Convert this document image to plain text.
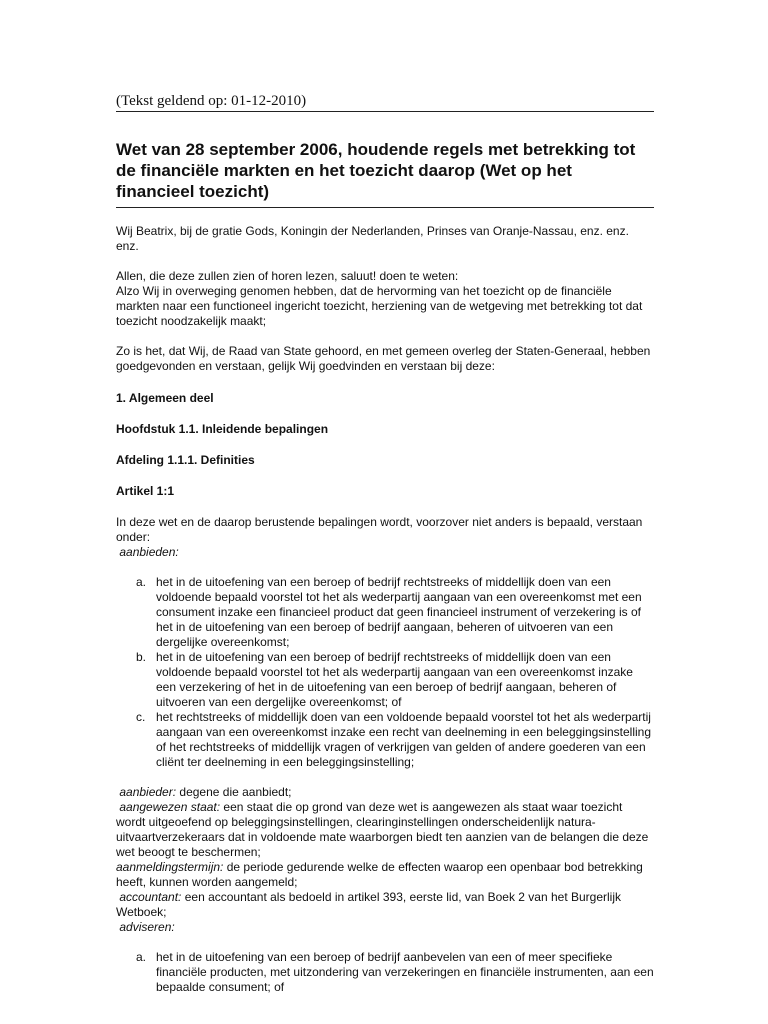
(Tekst geldend op: 01-12-2010)
Wet van 28 september 2006, houdende regels met betrekking tot de financiële markten en het toezicht daarop (Wet op het financieel toezicht)

Wij Beatrix, bij de gratie Gods, Koningin der Nederlanden, Prinses van Oranje-Nassau, enz. enz. enz.

Allen, die deze zullen zien of horen lezen, saluut! doen te weten:

Alzo Wij in overweging genomen hebben, dat de hervorming van het toezicht op de financiële markten naar een functioneel ingericht toezicht, herziening van de wetgeving met betrekking tot dat toezicht noodzakelijk maakt;

Zo is het, dat Wij, de Raad van State gehoord, en met gemeen overleg der Staten-Generaal, hebben goedgevonden en verstaan, gelijk Wij goedvinden en verstaan bij deze:

1. Algemeen deel

Hoofdstuk 1.1. Inleidende bepalingen

Afdeling 1.1.1. Definities

Artikel 1:1

In deze wet en de daarop berustende bepalingen wordt, voorzover niet anders is bepaald, verstaan onder:

aanbieden:

a. het in de uitoefening van een beroep of bedrijf rechtstreeks of middellijk doen van een voldoende bepaald voorstel tot het als wederpartij aangaan van een overeenkomst met een consument inzake een financieel product dat geen financieel instrument of verzekering is of het in de uitoefening van een beroep of bedrijf aangaan, beheren of uitvoeren van een dergelijke overeenkomst;
b. het in de uitoefening van een beroep of bedrijf rechtstreeks of middellijk doen van een voldoende bepaald voorstel tot het als wederpartij aangaan van een overeenkomst inzake een verzekering of het in de uitoefening van een beroep of bedrijf aangaan, beheren of uitvoeren van een dergelijke overeenkomst; of
c. het rechtstreeks of middellijk doen van een voldoende bepaald voorstel tot het als wederpartij aangaan van een overeenkomst inzake een recht van deelneming in een beleggingsinstelling of het rechtstreeks of middellijk vragen of verkrijgen van gelden of andere goederen van een cliënt ter deelneming in een beleggingsinstelling;

aanbieder: degene die aanbiedt;

aangewezen staat: een staat die op grond van deze wet is aangewezen als staat waar toezicht wordt uitgeoefend op beleggingsinstellingen, clearinginstellingen onderscheidenlijk natura-uitvaartverzekeraars dat in voldoende mate waarborgen biedt ten aanzien van de belangen die deze wet beoogt te beschermen;

aanmeldingstermijn: de periode gedurende welke de effecten waarop een openbaar bod betrekking heeft, kunnen worden aangemeld;

accountant: een accountant als bedoeld in artikel 393, eerste lid, van Boek 2 van het Burgerlijk Wetboek;

adviseren:

a. het in de uitoefening van een beroep of bedrijf aanbevelen van een of meer specifieke financiële producten, met uitzondering van verzekeringen en financiële instrumenten, aan een bepaalde consument; of
